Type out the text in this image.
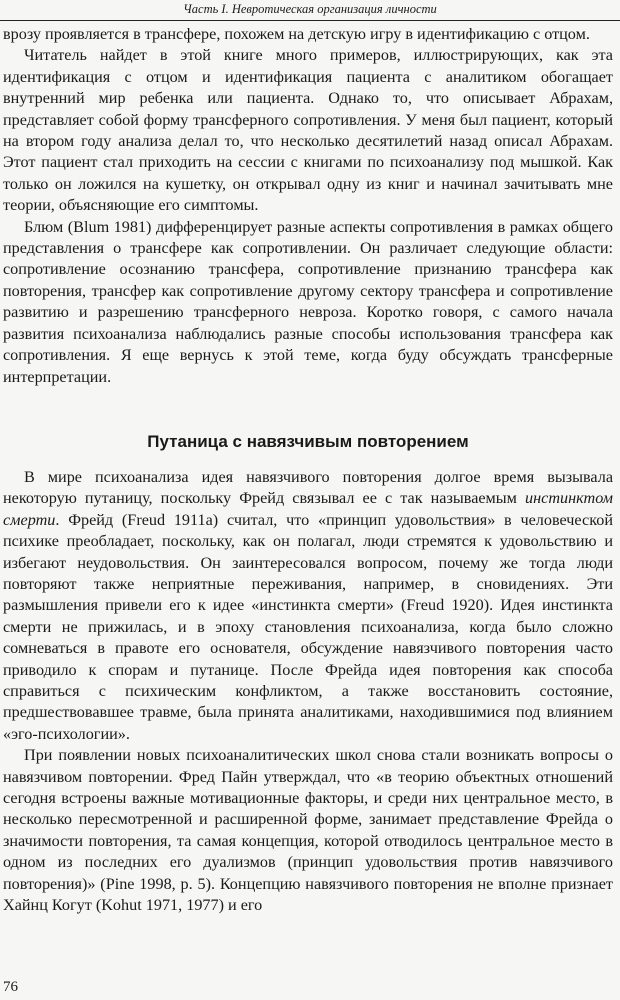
Часть I. Невротическая организация личности

врозу проявляется в трансфере, похожем на детскую игру в идентификацию с отцом.

Читатель найдет в этой книге много примеров, иллюстрирующих, как эта идентификация с отцом и идентификация пациента с аналитиком обогащает внутренний мир ребенка или пациента. Однако то, что описывает Абрахам, представляет собой форму трансферного сопротивления. У меня был пациент, который на втором году анализа делал то, что несколько десятилетий назад описал Абрахам. Этот пациент стал приходить на сессии с книгами по психоанализу под мышкой. Как только он ложился на кушетку, он открывал одну из книг и начинал зачитывать мне теории, объясняющие его симптомы.

Блюм (Blum 1981) дифференцирует разные аспекты сопротивления в рамках общего представления о трансфере как сопротивлении. Он различает следующие области: сопротивление осознанию трансфера, сопротивление признанию трансфера как повторения, трансфер как сопротивление другому сектору трансфера и сопротивление развитию и разрешению трансферного невроза. Коротко говоря, с самого начала развития психоанализа наблюдались разные способы использования трансфера как сопротивления. Я еще вернусь к этой теме, когда буду обсуждать трансферные интерпретации.

Путаница с навязчивым повторением

В мире психоанализа идея навязчивого повторения долгое время вызывала некоторую путаницу, поскольку Фрейд связывал ее с так называемым инстинктом смерти. Фрейд (Freud 1911a) считал, что «принцип удовольствия» в человеческой психике преобладает, поскольку, как он полагал, люди стремятся к удовольствию и избегают неудовольствия. Он заинтересовался вопросом, почему же тогда люди повторяют также неприятные переживания, например, в сновидениях. Эти размышления привели его к идее «инстинкта смерти» (Freud 1920). Идея инстинкта смерти не прижилась, и в эпоху становления психоанализа, когда было сложно сомневаться в правоте его основателя, обсуждение навязчивого повторения часто приводило к спорам и путанице. После Фрейда идея повторения как способа справиться с психическим конфликтом, а также восстановить состояние, предшествовавшее травме, была принята аналитиками, находившимися под влиянием «эго-психологии».

При появлении новых психоаналитических школ снова стали возникать вопросы о навязчивом повторении. Фред Пайн утверждал, что «в теорию объектных отношений сегодня встроены важные мотивационные факторы, и среди них центральное место, в несколько пересмотренной и расширенной форме, занимает представление Фрейда о значимости повторения, та самая концепция, которой отводилось центральное место в одном из последних его дуализмов (принцип удовольствия против навязчивого повторения)» (Pine 1998, p. 5). Концепцию навязчивого повторения не вполне признает Хайнц Когут (Kohut 1971, 1977) и его

76
